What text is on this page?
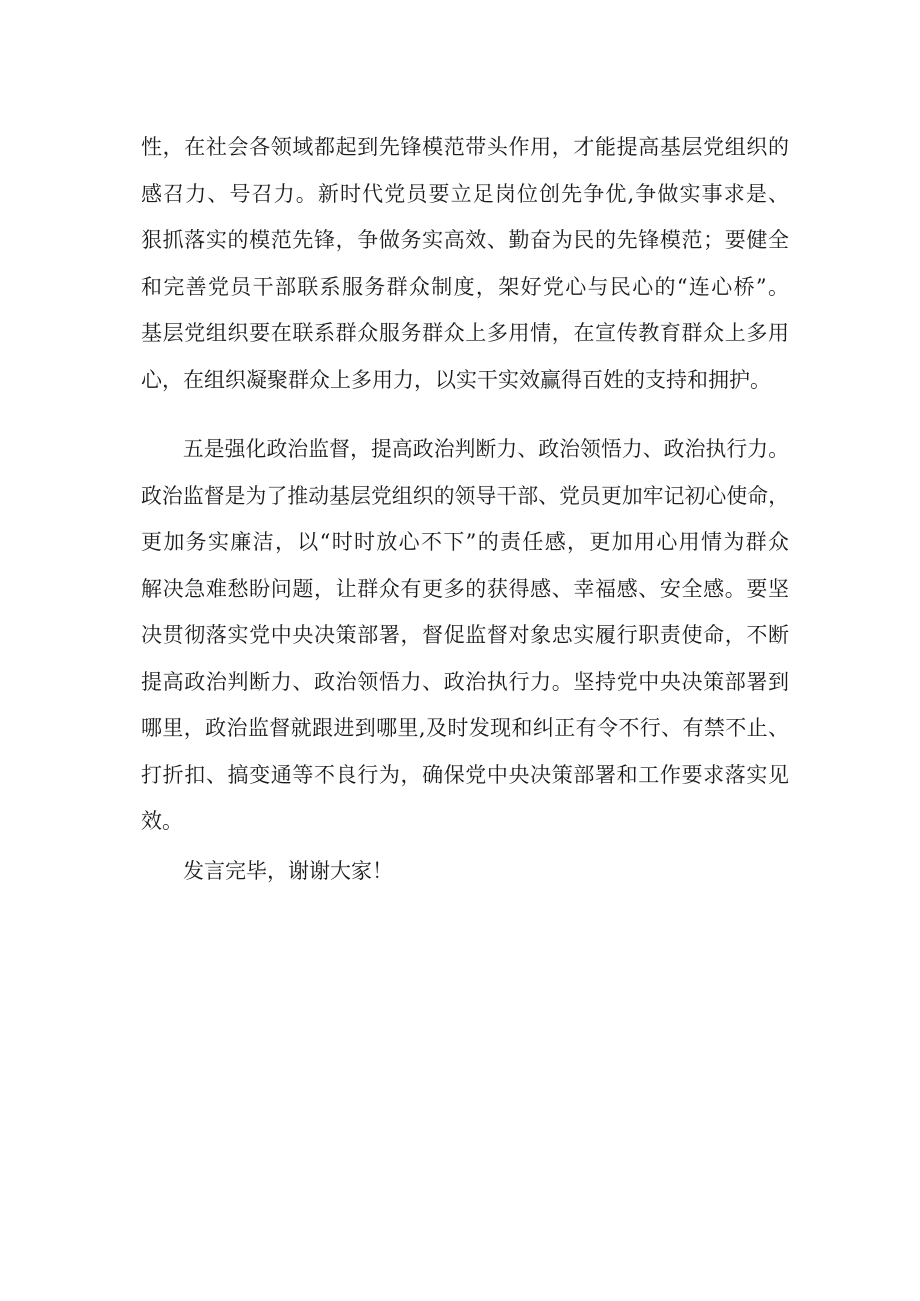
性，在社会各领域都起到先锋模范带头作用，才能提高基层党组织的
感召力、号召力。新时代党员要立足岗位创先争优,争做实事求是、
狠抓落实的模范先锋，争做务实高效、勤奋为民的先锋模范；要健全
和完善党员干部联系服务群众制度，架好党心与民心的“连心桥”。
基层党组织要在联系群众服务群众上多用情，在宣传教育群众上多用
心，在组织凝聚群众上多用力，以实干实效赢得百姓的支持和拥护。
　　五是强化政治监督，提高政治判断力、政治领悟力、政治执行力。
政治监督是为了推动基层党组织的领导干部、党员更加牢记初心使命，
更加务实廉洁，以“时时放心不下”的责任感，更加用心用情为群众
解决急难愁盼问题，让群众有更多的获得感、幸福感、安全感。要坚
决贯彻落实党中央决策部署，督促监督对象忠实履行职责使命，不断
提高政治判断力、政治领悟力、政治执行力。坚持党中央决策部署到
哪里，政治监督就跟进到哪里,及时发现和纠正有令不行、有禁不止、
打折扣、搞变通等不良行为，确保党中央决策部署和工作要求落实见
效。
　　发言完毕，谢谢大家！
